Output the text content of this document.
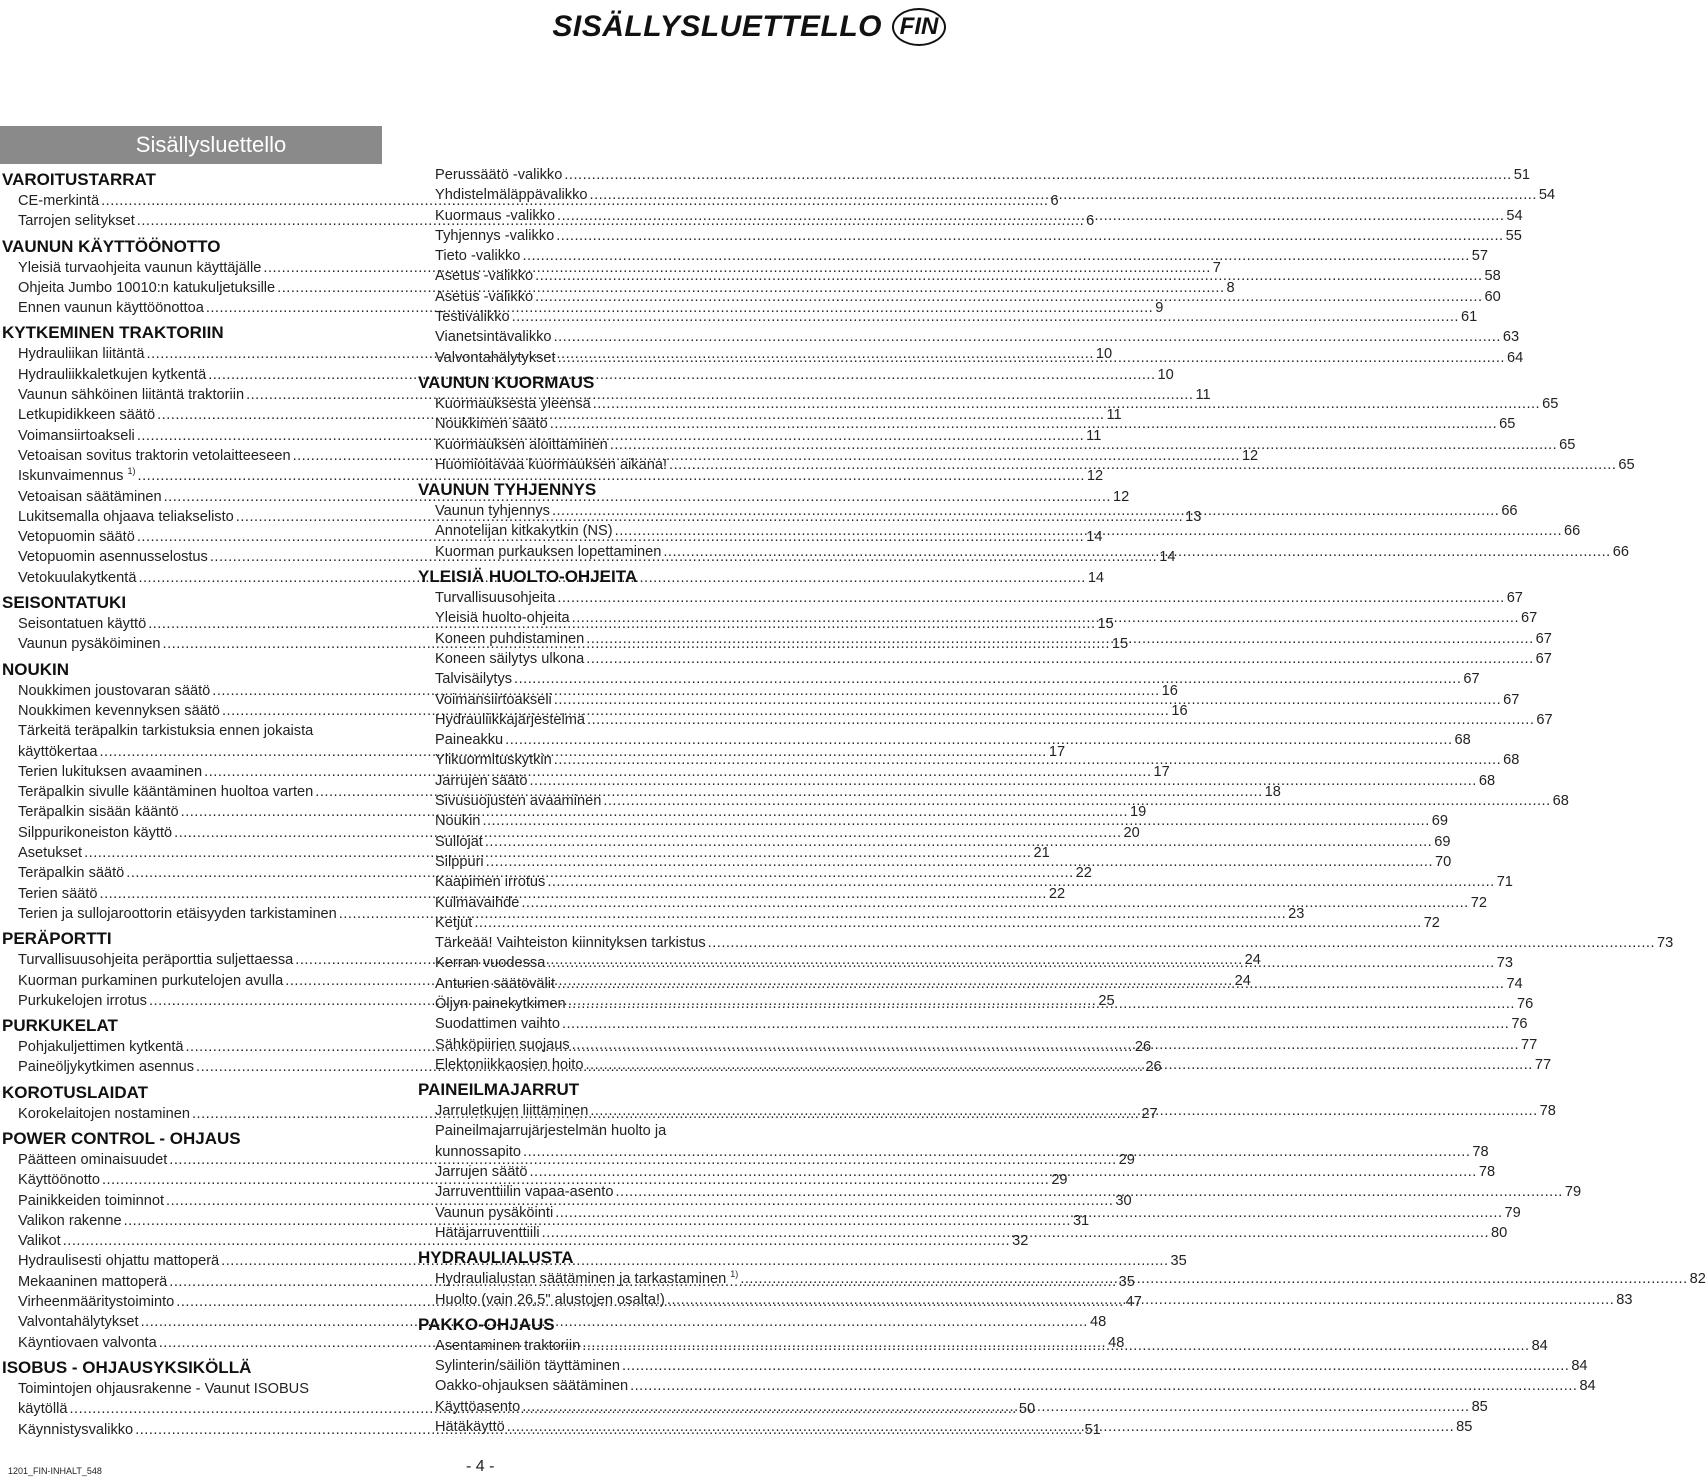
SISÄLLYSLUETTELLO FIN
Sisällysluettello
VAROITUSTARRAT
CE-merkintä .....	6
Tarrojen selitykset .....	6
VAUNUN KÄYTTÖÖNOTTO
Yleisiä turvaohjeita vaunun käyttäjälle .....	7
Ohjeita Jumbo 10010:n katukuljetuksille .....	8
Ennen vaunun käyttöönottoa .....	9
KYTKEMINEN TRAKTORIIN
Hydrauliikan liitäntä .....	10
Hydrauliikkaletkujen kytkentä .....	10
Vaunun sähköinen liitäntä traktoriin .....	11
Letkupidikkeen säätö .....	11
Voimansiirtoakseli .....	11
Vetoaisan sovitus traktorin vetolaitteeseen .....	12
Iskunvaimennus $^{1)}$ .....	12
Vetoaisan säätäminen .....	12
Lukitsemalla ohjaava teliakselisto .....	13
Vetopuomin säätö .....	14
Vetopuomin asennusselostus .....	14
Vetokuulakytkentä .....	14
SEISONTATUKI
Seisontatuen käyttö .....	15
Vaunun pysäköiminen .....	15
NOUKIN
Noukkimen joustovaran säätö .....	16
Noukkimen kevennyksen säätö .....	16
Tärkeitä teräpalkin tarkistuksia ennen jokaista
käyttökertaa .....	17
Terien lukituksen avaaminen .....	17
Teräpalkin sivulle kääntäminen huoltoa varten .....	18
Teräpalkin sisään kääntö .....	19
Silppurikoneiston käyttö .....	20
Asetukset .....	21
Teräpalkin säätö .....	22
Terien säätö .....	22
Terien ja sullojaroottorin etäisyyden tarkistaminen .....	23
PERÄPORTTI
Turvallisuusohjeita peräporttia suljettaessa .....	24
Kuorman purkaminen purkutelojen avulla .....	24
Purkukelojen irrotus .....	25
PURKUKELAT
Pohjakuljettimen kytkentä .....	26
Paineöljykytkimen asennus .....	26
KOROTUSLAIDAT
Korokelaitojen nostaminen .....	27
POWER CONTROL - OHJAUS
Päätteen ominaisuudet .....	29
Käyttöönotto .....	29
Painikkeiden toiminnot .....	30
Valikon rakenne .....	31
Valikot .....	32
Hydraulisesti ohjattu mattoperä .....	35
Mekaaninen mattoperä .....	35
Virheenmääritystoiminto .....	47
Valvontahälytykset .....	48
Käyntiovaen valvonta .....	48
ISOBUS - OHJAUSYKSIKÖLLÄ
Toimintojen ohjausrakenne - Vaunut ISOBUS
käytöllä .....	50
Käynnistysvalikko .....	51
Perussäätö -valikko .....	51
Yhdistelmäläppävalikko .....	54
Kuormaus -valikko .....	54
Tyhjennys -valikko .....	55
Tieto -valikko .....	57
Asetus -valikko .....	58
Asetus -valikko .....	60
Testivalikko .....	61
Vianetsintävalikko .....	63
Valvontahälytykset .....	64
VAUNUN KUORMAUS
Kuormauksesta yleensä .....	65
Noukkimen säätö .....	65
Kuormauksen aloittaminen .....	65
Huomioitavaa kuormauksen aikana! .....	65
VAUNUN TYHJENNYS
Vaunun tyhjennys .....	66
Annotelijan kitkakytkin (NS) .....	66
Kuorman purkauksen lopettaminen .....	66
YLEISIÄ HUOLTO-OHJEITA
Turvallisuusohjeita .....	67
Yleisiä huolto-ohjeita .....	67
Koneen puhdistaminen .....	67
Koneen säilytys ulkona .....	67
Talvisäilytys .....	67
Voimansiirtoakseli .....	67
Hydrauliikkajärjestelmä .....	67
Paineakku .....	68
Ylikuormituskytkin .....	68
Jarrujen säätö .....	68
Sivusuojusten avaaminen .....	68
Noukin .....	69
Sullojat .....	69
Silppuri .....	70
Kaapimen irrotus .....	71
Kulmavaihde .....	72
Ketjut .....	72
Tärkeää! Vaihteiston kiinnityksen tarkistus .....	73
Kerran vuodessa .....	73
Anturien säätövälit .....	74
Öljyn painekytkimen .....	76
Suodattimen vaihto .....	76
Sähköpiirien suojaus .....	77
Elektoniikkaosien hoito .....	77
PAINEILMAJARRUT
Jarruletkujen liittäminen .....	78
Paineilmajarrujärjestelmän huolto ja
kunnossapito .....	78
Jarrujen säätö .....	78
Jarruventtiilin vapaa-asento .....	79
Vaunun pysäköinti .....	79
Hätäjarruventtiili .....	80
HYDRAULIALUSTA
Hydraulialustan säätäminen ja tarkastaminen $^{1)}$ .....	82
Huolto (vain 26,5" alustojen osalta!) .....	83
PAKKO-OHJAUS
Asentaminen traktoriin .....	84
Sylinterin/säiliön täyttäminen .....	84
Oakko-ohjauksen säätäminen .....	84
Käyttöasento .....	85
Hätäkäyttö .....	85
1201_FIN-INHALT_548	- 4 -
